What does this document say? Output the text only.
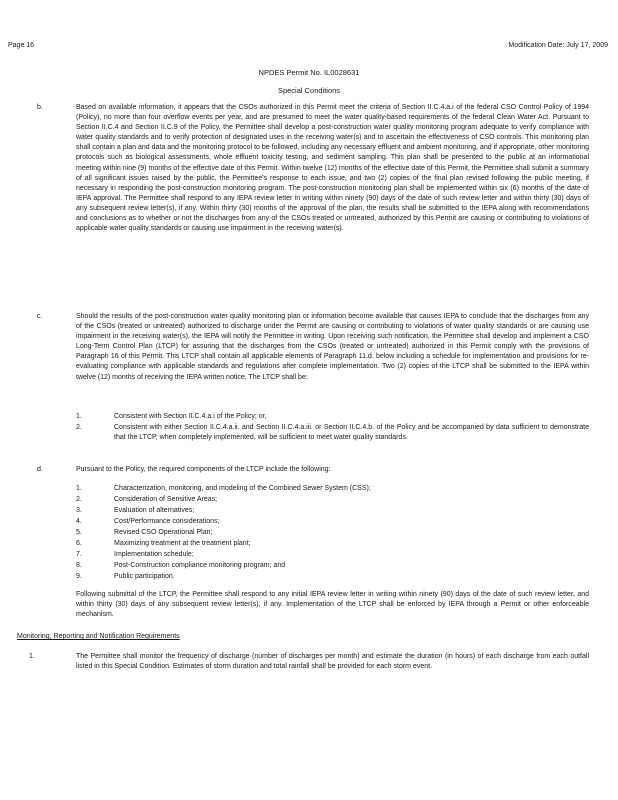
Page 16	Modification Date: July 17, 2009
NPDES Permit No. IL0028631
Special Conditions
b.	Based on available information, it appears that the CSOs authorized in this Permit meet the criteria of Section II.C.4.a.i of the federal CSO Control Policy of 1994 (Policy), no more than four overflow events per year, and are presumed to meet the water quality-based requirements of the federal Clean Water Act. Pursuant to Section II.C.4 and Section II.C.9 of the Policy, the Permittee shall develop a post-construction water quality monitoring program adequate to verify compliance with water quality standards and to verify protection of designated uses in the receiving water(s) and to ascertain the effectiveness of CSO controls. This monitoring plan shall contain a plan and data and the monitoring protocol to be followed, including any necessary effluent and ambient monitoring, and if appropriate, other monitoring protocols such as biological assessments, whole effluent toxicity testing, and sediment sampling. This plan shall be presented to the public at an informational meeting within nine (9) months of the effective date of this Permit. Within twelve (12) months of the effective date of this Permit, the Permittee shall submit a summary of all significant issues raised by the public, the Permittee's response to each issue, and two (2) copies of the final plan revised following the public meeting, if necessary in responding the post-construction monitoring program. The post-construction monitoring plan shall be implemented within six (6) months of the date of IEPA approval. The Permittee shall respond to any IEPA review letter in writing within ninety (90) days of the date of such review letter and within thirty (30) days of any subsequent review letter(s), if any. Within thirty (30) months of the approval of the plan, the results shall be submitted to the IEPA along with recommendations and conclusions as to whether or not the discharges from any of the CSOs treated or untreated, authorized by this Permit are causing or contributing to violations of applicable water quality standards or causing use impairment in the receiving water(s).
c.	Should the results of the post-construction water quality monitoring plan or information become available that causes IEPA to conclude that the discharges from any of the CSOs (treated or untreated) authorized to discharge under the Permit are causing or contributing to violations of water quality standards or are causing use impairment in the receiving water(s), the IEPA will notify the Permittee in writing. Upon receiving such notification, the Permittee shall develop and implement a CSO Long-Term Control Plan (LTCP) for assuring that the discharges from the CSOs (treated or untreated) authorized in this Permit comply with the provisions of Paragraph 16 of this Permit. This LTCP shall contain all applicable elements of Paragraph 11.d. below including a schedule for implementation and provisions for re-evaluating compliance with applicable standards and regulations after complete implementation. Two (2) copies of the LTCP shall be submitted to the IEPA within twelve (12) months of receiving the IEPA written notice. The LTCP shall be:
1.	Consistent with Section II.C.4.a.i of the Policy; or,
2.	Consistent with either Section II.C.4.a.ii. and Section II.C.4.a.iii. or Section II.C.4.b. of the Policy and be accompanied by data sufficient to demonstrate that the LTCP, when completely implemented, will be sufficient to meet water quality standards.
d.	Pursuant to the Policy, the required components of the LTCP include the following:
1.	Characterization, monitoring, and modeling of the Combined Sewer System (CSS);
2.	Consideration of Sensitive Areas;
3.	Evaluation of alternatives;
4.	Cost/Performance considerations;
5.	Revised CSO Operational Plan;
6.	Maximizing treatment at the treatment plant;
7.	Implementation schedule;
8.	Post-Construction compliance monitoring program; and
9.	Public participation.
Following submittal of the LTCP, the Permittee shall respond to any initial IEPA review letter in writing within ninety (90) days of the date of such review letter, and within thirty (30) days of any subsequent review letter(s), if any. Implementation of the LTCP shall be enforced by IEPA through a Permit or other enforceable mechanism.
Monitoring, Reporting and Notification Requirements
1.	The Permittee shall monitor the frequency of discharge (number of discharges per month) and estimate the duration (in hours) of each discharge from each outfall listed in this Special Condition. Estimates of storm duration and total rainfall shall be provided for each storm event.
